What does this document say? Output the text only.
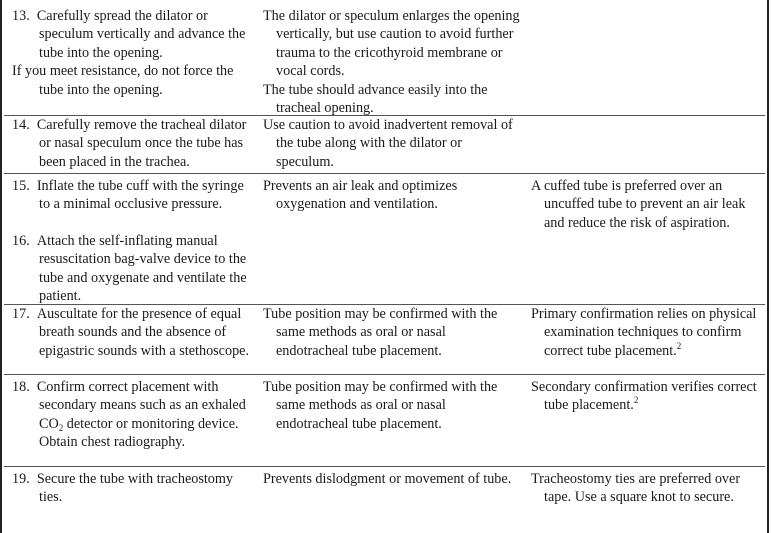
13. Carefully spread the dilator or speculum vertically and advance the tube into the opening.

If you meet resistance, do not force the tube into the opening.

The dilator or speculum enlarges the opening vertically, but use caution to avoid further trauma to the cricothyroid membrane or vocal cords.

The tube should advance easily into the tracheal opening.

14. Carefully remove the tracheal dilator or nasal speculum once the tube has been placed in the trachea.

Use caution to avoid inadvertent removal of the tube along with the dilator or speculum.

15. Inflate the tube cuff with the syringe to a minimal occlusive pressure.

Prevents an air leak and optimizes oxygenation and ventilation.

A cuffed tube is preferred over an uncuffed tube to prevent an air leak and reduce the risk of aspiration.

16. Attach the self-inflating manual resuscitation bag-valve device to the tube and oxygenate and ventilate the patient.

17. Auscultate for the presence of equal breath sounds and the absence of epigastric sounds with a stethoscope.

Tube position may be confirmed with the same methods as oral or nasal endotracheal tube placement.

Primary confirmation relies on physical examination techniques to confirm correct tube placement.$^2$

18. Confirm correct placement with secondary means such as an exhaled $CO_2$ detector or monitoring device. Obtain chest radiography.

Tube position may be confirmed with the same methods as oral or nasal endotracheal tube placement.

Secondary confirmation verifies correct tube placement.$^2$

19. Secure the tube with tracheostomy ties.

Prevents dislodgment or movement of tube.	Tracheostomy ties are preferred over tape. Use a square knot to secure.
